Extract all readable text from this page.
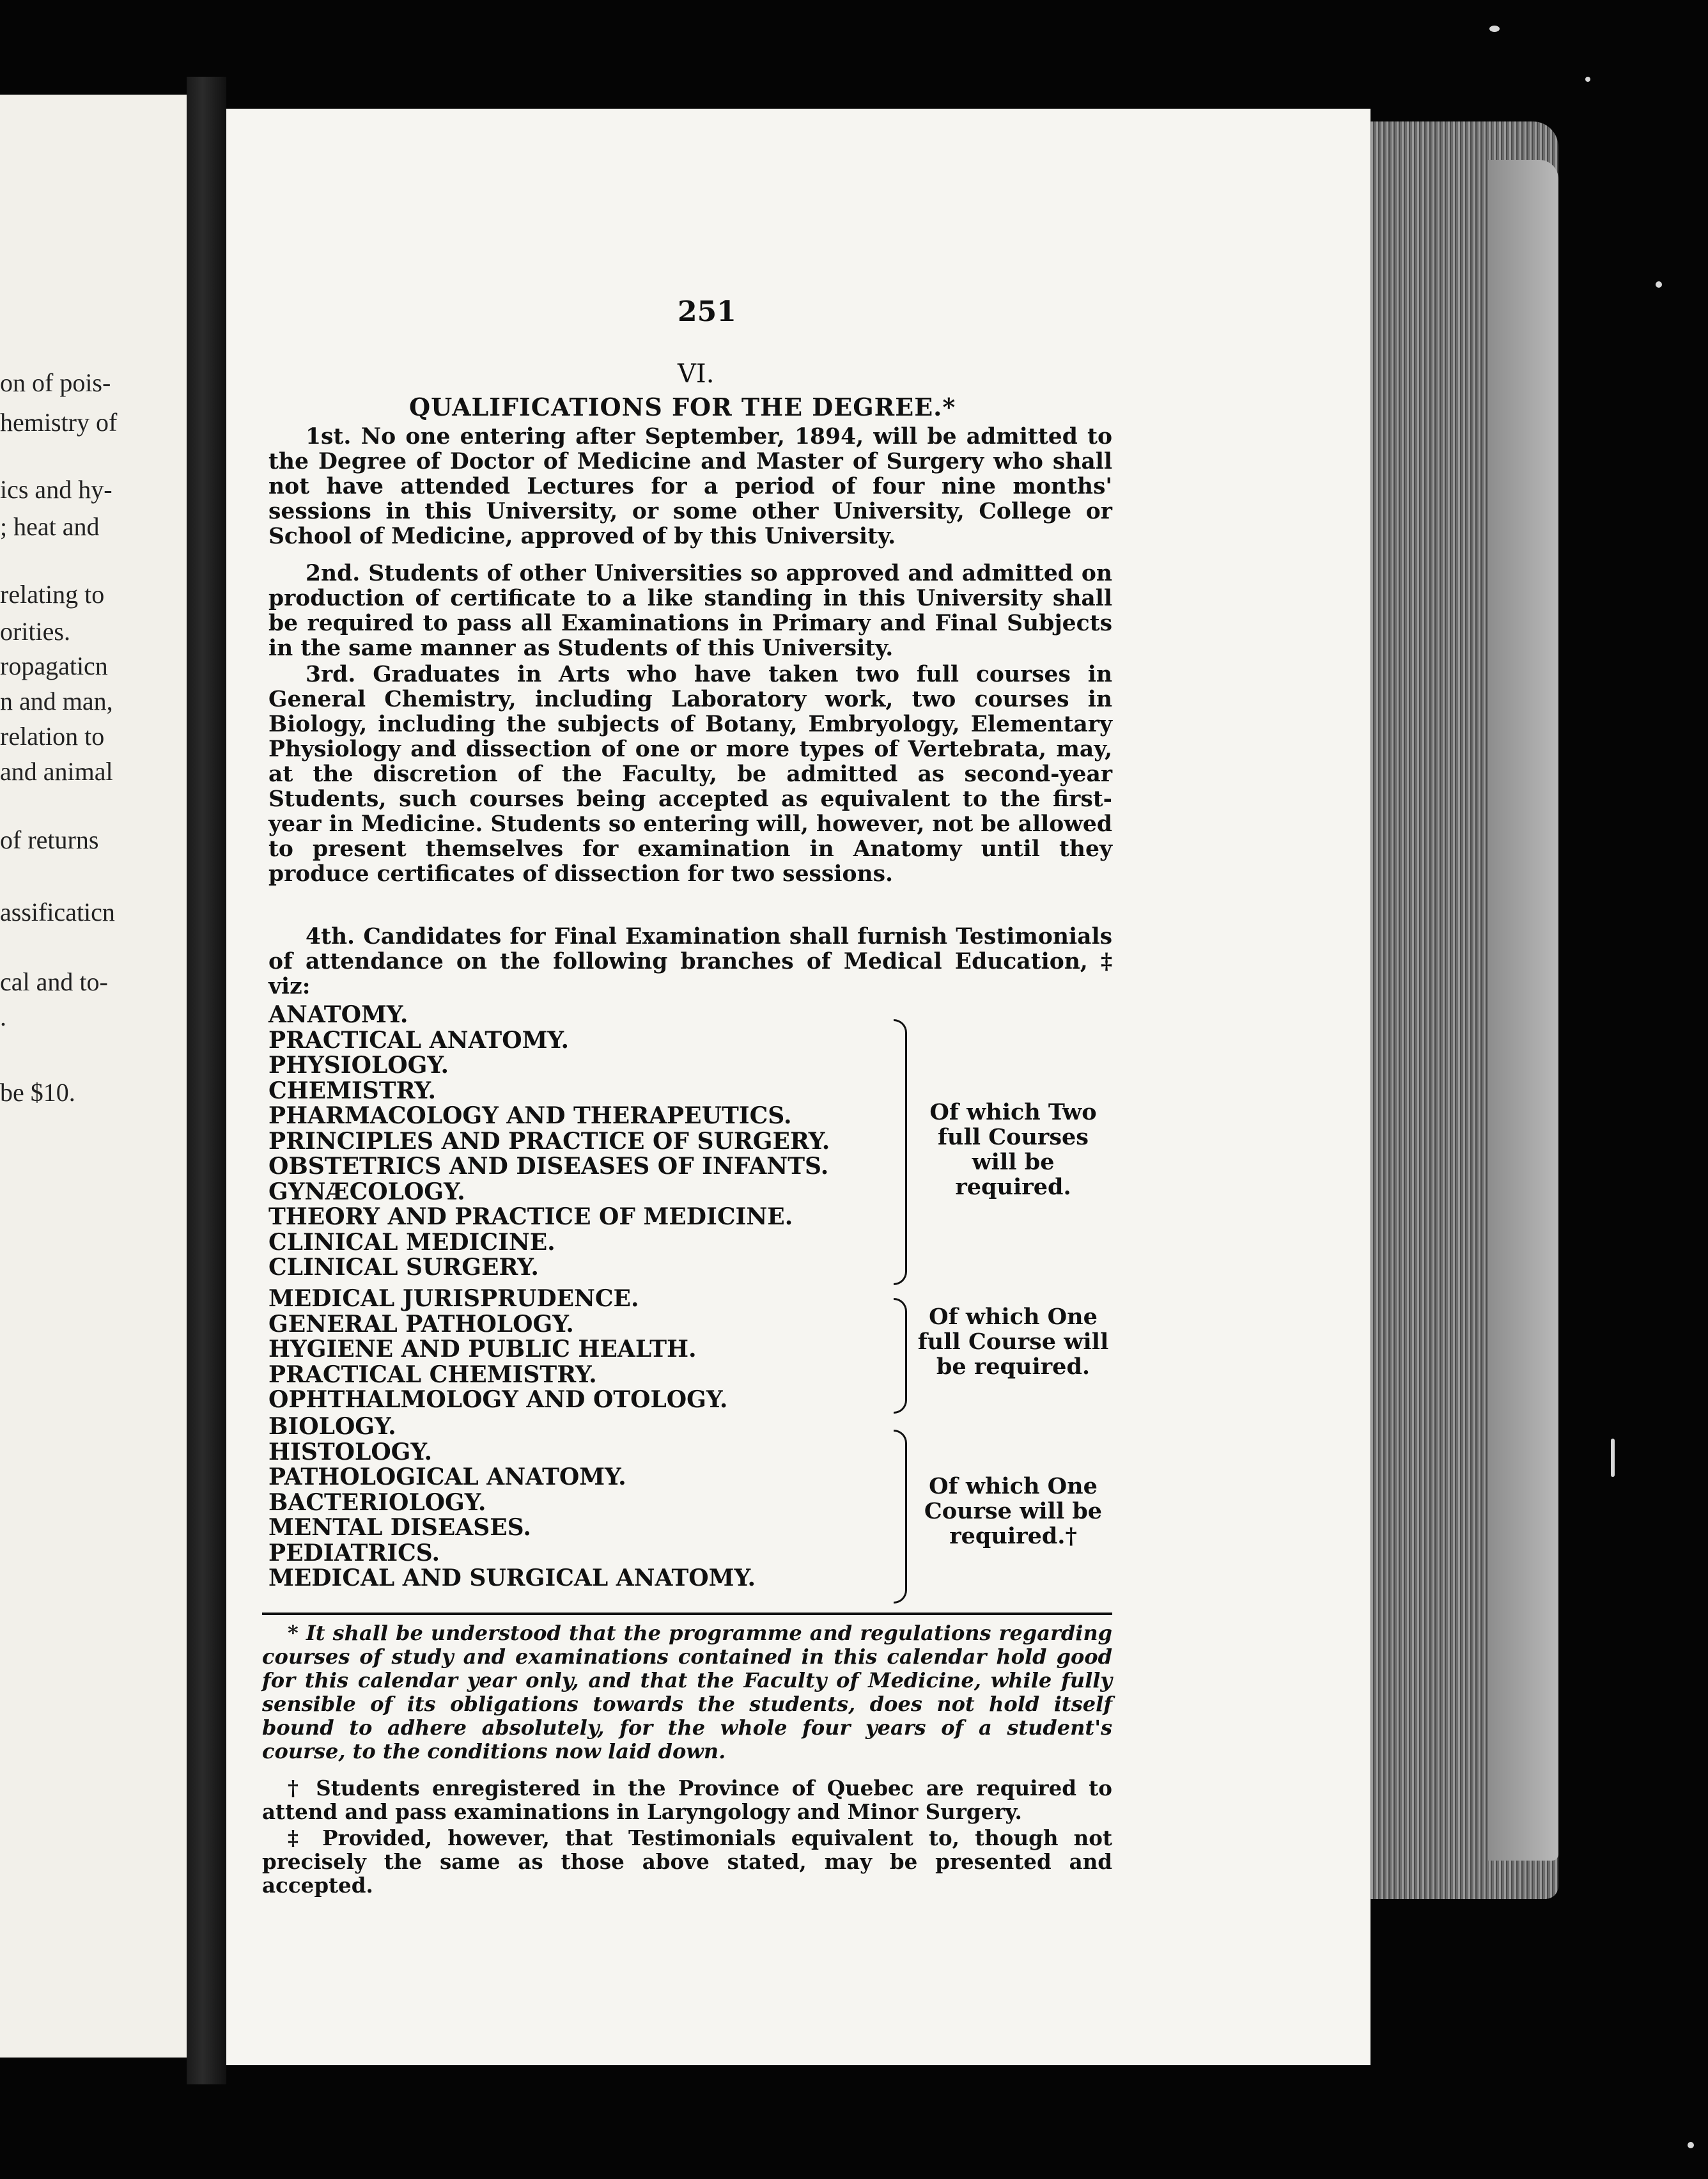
on of pois-
hemistry of
ics and hy-
; heat and
relating to
orities.
ropagaticn
n and man,
relation to
and animal
of returns
assificaticn
cal and to-
.
be $10.
251
VI.
QUALIFICATIONS FOR THE DEGREE.*
1st. No one entering after September, 1894, will be admitted to the Degree of Doctor of Medicine and Master of Surgery who shall not have attended Lectures for a period of four nine months' sessions in this University, or some other University, College or School of Medicine, approved of by this University.
2nd. Students of other Universities so approved and admitted on production of certificate to a like standing in this University shall be required to pass all Examinations in Primary and Final Subjects in the same manner as Students of this University.
3rd. Graduates in Arts who have taken two full courses in General Chemistry, including Laboratory work, two courses in Biology, including the subjects of Botany, Embryology, Elementary Physiology and dissection of one or more types of Vertebrata, may, at the discretion of the Faculty, be admitted as second-year Students, such courses being accepted as equivalent to the first-year in Medicine. Students so entering will, however, not be allowed to present themselves for examination in Anatomy until they produce certificates of dissection for two sessions.
4th. Candidates for Final Examination shall furnish Testimonials of attendance on the following branches of Medical Education, ‡ viz:
ANATOMY.
PRACTICAL ANATOMY.
PHYSIOLOGY.
CHEMISTRY.
PHARMACOLOGY AND THERAPEUTICS.
PRINCIPLES AND PRACTICE OF SURGERY.
OBSTETRICS AND DISEASES OF INFANTS.
GYNÆCOLOGY.
THEORY AND PRACTICE OF MEDICINE.
CLINICAL MEDICINE.
CLINICAL SURGERY.
Of which Two full Courses will be required.
MEDICAL JURISPRUDENCE.
GENERAL PATHOLOGY.
HYGIENE AND PUBLIC HEALTH.
PRACTICAL CHEMISTRY.
OPHTHALMOLOGY AND OTOLOGY.
Of which One full Course will be required.
BIOLOGY.
HISTOLOGY.
PATHOLOGICAL ANATOMY.
BACTERIOLOGY.
MENTAL DISEASES.
PEDIATRICS.
MEDICAL AND SURGICAL ANATOMY.
Of which One Course will be required.†
* It shall be understood that the programme and regulations regarding courses of study and examinations contained in this calendar hold good for this calendar year only, and that the Faculty of Medicine, while fully sensible of its obligations towards the students, does not hold itself bound to adhere absolutely, for the whole four years of a student's course, to the conditions now laid down.
† Students enregistered in the Province of Quebec are required to attend and pass examinations in Laryngology and Minor Surgery.
‡ Provided, however, that Testimonials equivalent to, though not precisely the same as those above stated, may be presented and accepted.
